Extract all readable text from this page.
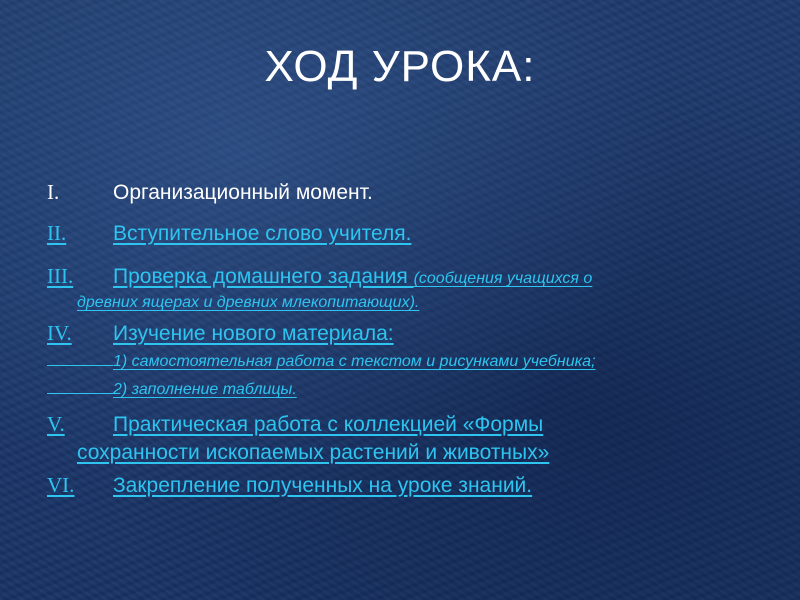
ХОД УРОКА:
I.	Организационный момент.
II. Вступительное слово учителя.
III. Проверка домашнего задания (сообщения учащихся о
древних ящерах и древних млекопитающих).
IV. Изучение нового материала:
1) самостоятельная работа с текстом и рисунками учебника;
2) заполнение таблицы.
V. Практическая работа с коллекцией «Формы
сохранности ископаемых растений и животных»
VI. Закрепление полученных на уроке знаний.
